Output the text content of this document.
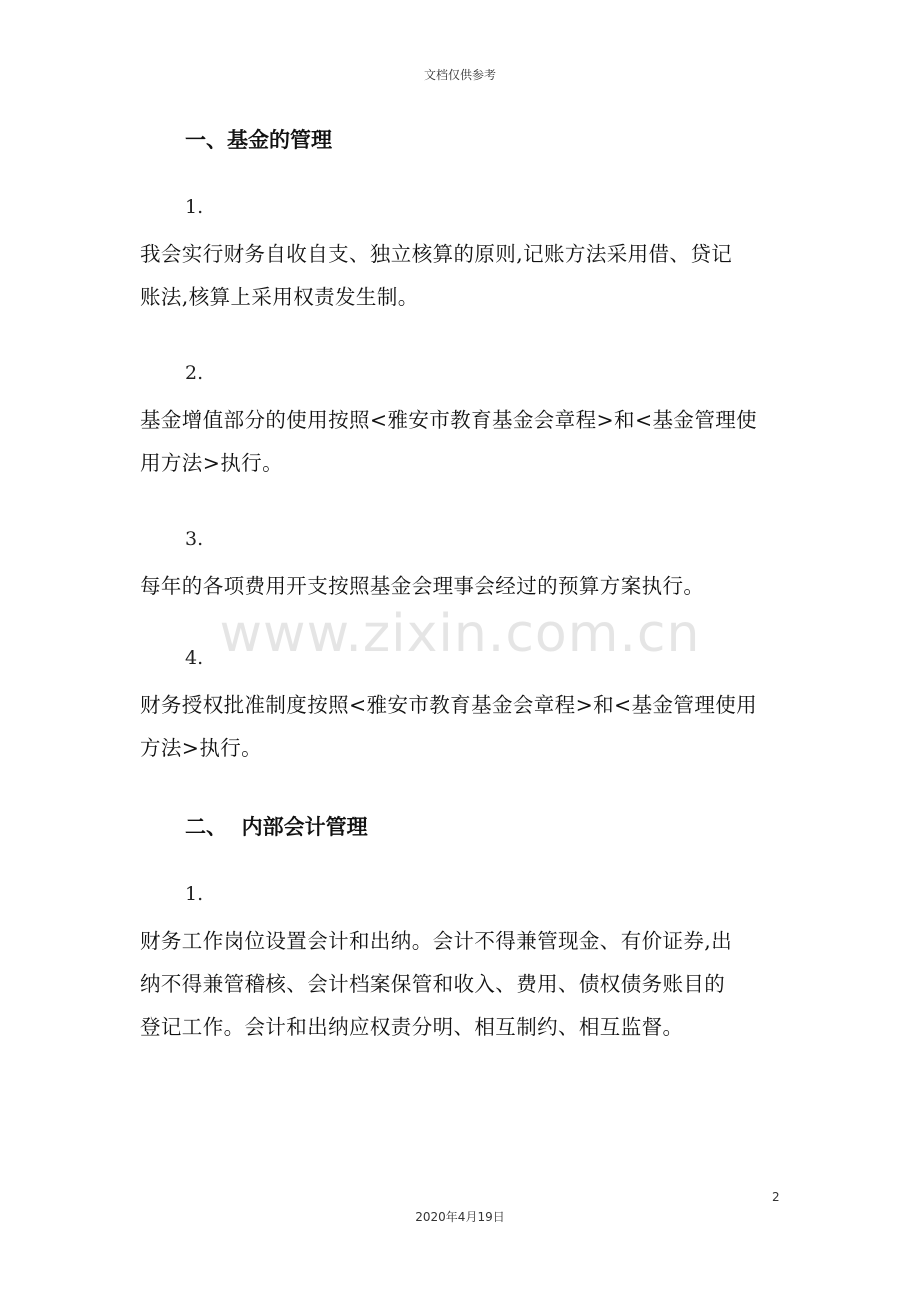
文档仅供参考
一、基金的管理
1.
我会实行财务自收自支、独立核算的原则,记账方法采用借、贷记
账法,核算上采用权责发生制。
2.
基金增值部分的使用按照<雅安市教育基金会章程>和<基金管理使
用方法>执行。
3.
每年的各项费用开支按照基金会理事会经过的预算方案执行。
4.
财务授权批准制度按照<雅安市教育基金会章程>和<基金管理使用
方法>执行。
二、  内部会计管理
1.
财务工作岗位设置会计和出纳。会计不得兼管现金、有价证券,出
纳不得兼管稽核、会计档案保管和收入、费用、债权债务账目的
登记工作。会计和出纳应权责分明、相互制约、相互监督。
www.zixin.com.cn
2
2020年4月19日
